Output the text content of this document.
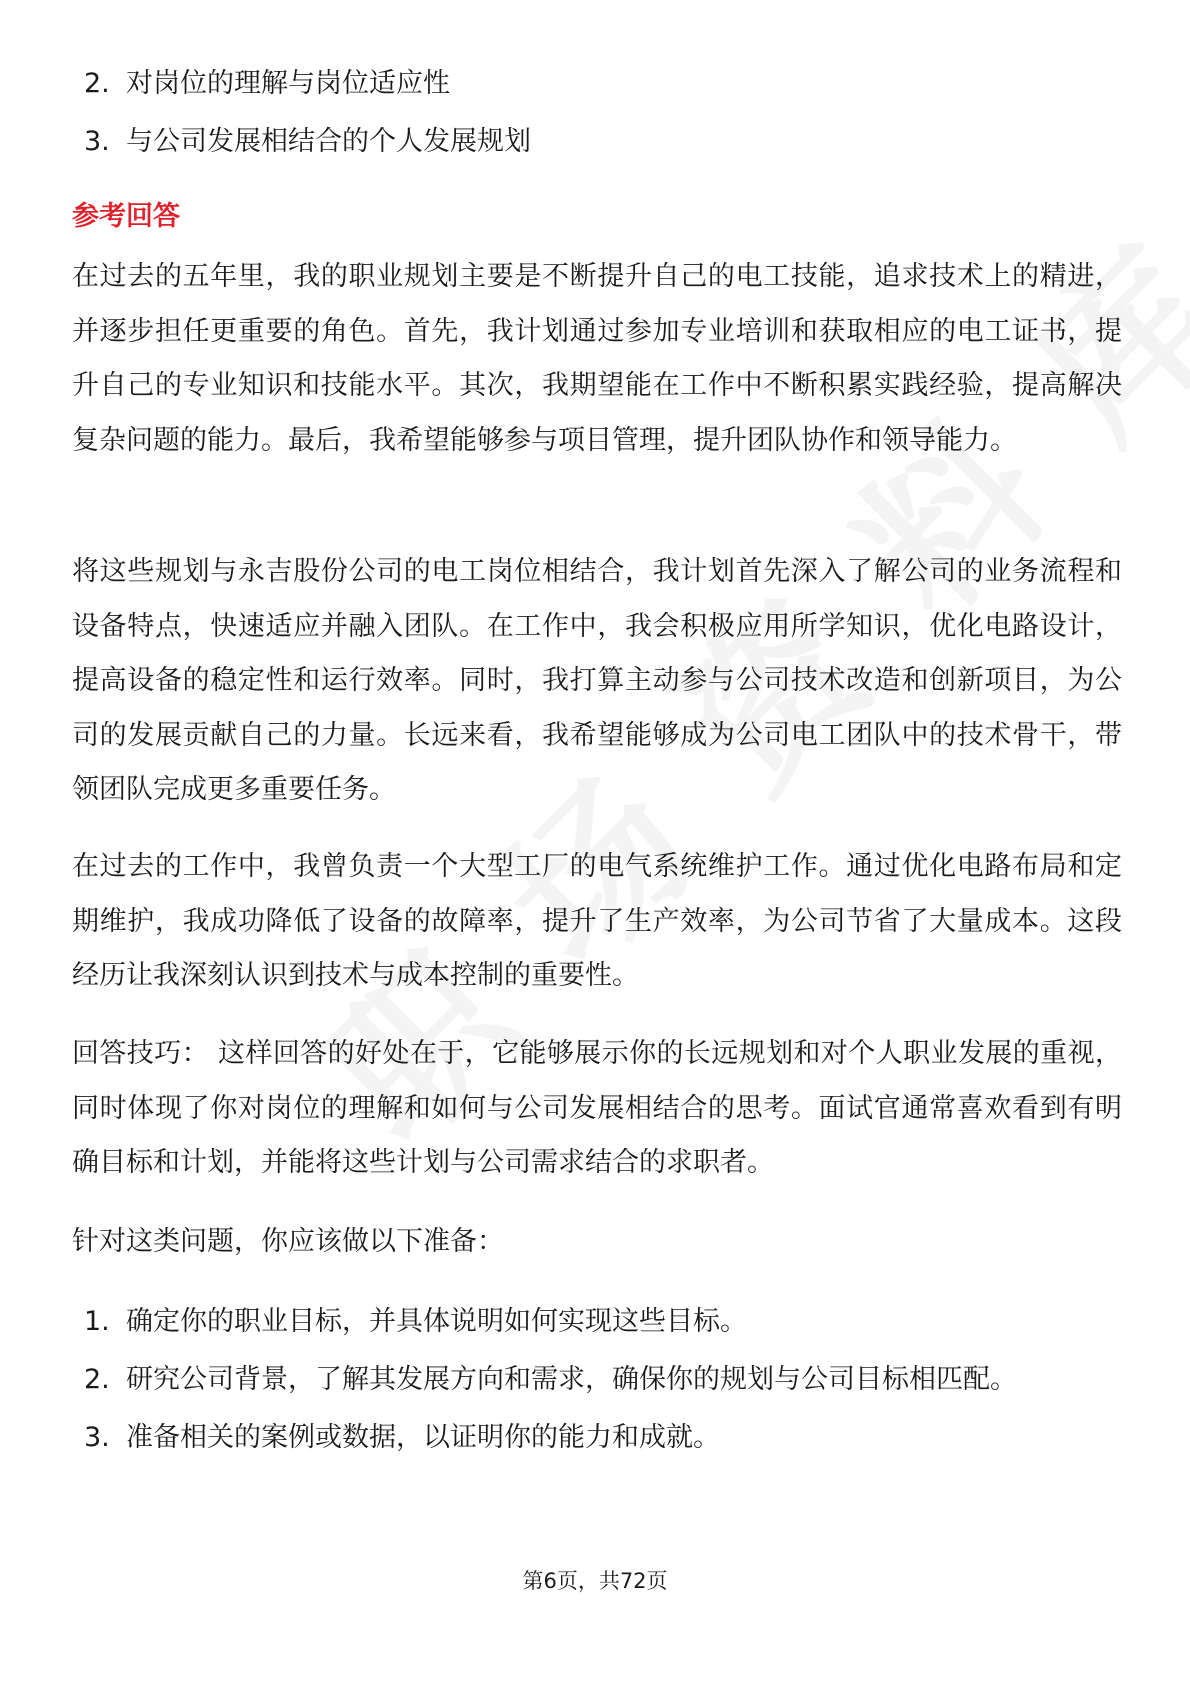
2. 对岗位的理解与岗位适应性
3. 与公司发展相结合的个人发展规划
参考回答

在过去的五年里，我的职业规划主要是不断提升自己的电工技能，追求技术上的精进，并逐步担任更重要的角色。首先，我计划通过参加专业培训和获取相应的电工证书，提升自己的专业知识和技能水平。其次，我期望能在工作中不断积累实践经验，提高解决复杂问题的能力。最后，我希望能够参与项目管理，提升团队协作和领导能力。

将这些规划与永吉股份公司的电工岗位相结合，我计划首先深入了解公司的业务流程和设备特点，快速适应并融入团队。在工作中，我会积极应用所学知识，优化电路设计，提高设备的稳定性和运行效率。同时，我打算主动参与公司技术改造和创新项目，为公司的发展贡献自己的力量。长远来看，我希望能够成为公司电工团队中的技术骨干，带领团队完成更多重要任务。

在过去的工作中，我曾负责一个大型工厂的电气系统维护工作。通过优化电路布局和定期维护，我成功降低了设备的故障率，提升了生产效率，为公司节省了大量成本。这段经历让我深刻认识到技术与成本控制的重要性。

回答技巧： 这样回答的好处在于，它能够展示你的长远规划和对个人职业发展的重视，同时体现了你对岗位的理解和如何与公司发展相结合的思考。面试官通常喜欢看到有明确目标和计划，并能将这些计划与公司需求结合的求职者。

针对这类问题，你应该做以下准备：

1. 确定你的职业目标，并具体说明如何实现这些目标。
2. 研究公司背景，了解其发展方向和需求，确保你的规划与公司目标相匹配。
3. 准备相关的案例或数据，以证明你的能力和成就。
第6页，共72页
